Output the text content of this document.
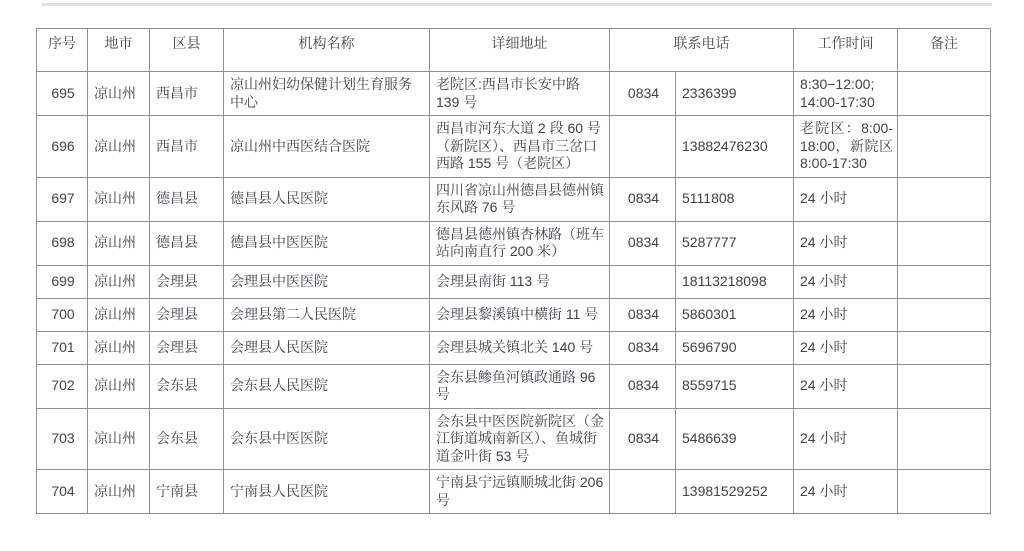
序号	地市	区县	机构名称	详细地址	联系电话		工作时间	备注
695	凉山州	西昌市	凉山州妇幼保健计划生育服务中心	老院区:西昌市长安中路 139 号	0834	2336399	8:30−12:00; 14:00-17:30	
696	凉山州	西昌市	凉山州中西医结合医院	西昌市河东大道 2 段 60 号（新院区）、西昌市三岔口西路 155 号（老院区）		13882476230	老院区：8:00-18:00，新院区 8:00-17:30	
697	凉山州	德昌县	德昌县人民医院	四川省凉山州德昌县德州镇东风路 76 号	0834	5111808	24 小时	
698	凉山州	德昌县	德昌县中医医院	德昌县德州镇杏林路（班车站向南直行 200 米）	0834	5287777	24 小时	
699	凉山州	会理县	会理县中医医院	会理县南街 113 号		18113218098	24 小时	
700	凉山州	会理县	会理县第二人民医院	会理县黎溪镇中横街 11 号	0834	5860301	24 小时	
701	凉山州	会理县	会理县人民医院	会理县城关镇北关 140 号	0834	5696790	24 小时	
702	凉山州	会东县	会东县人民医院	会东县鲹鱼河镇政通路 96 号	0834	8559715	24 小时	
703	凉山州	会东县	会东县中医医院	会东县中医医院新院区（金江街道城南新区）、鱼城街道金叶街 53 号	0834	5486639	24 小时	
704	凉山州	宁南县	宁南县人民医院	宁南县宁远镇顺城北街 206 号		13981529252	24 小时	
